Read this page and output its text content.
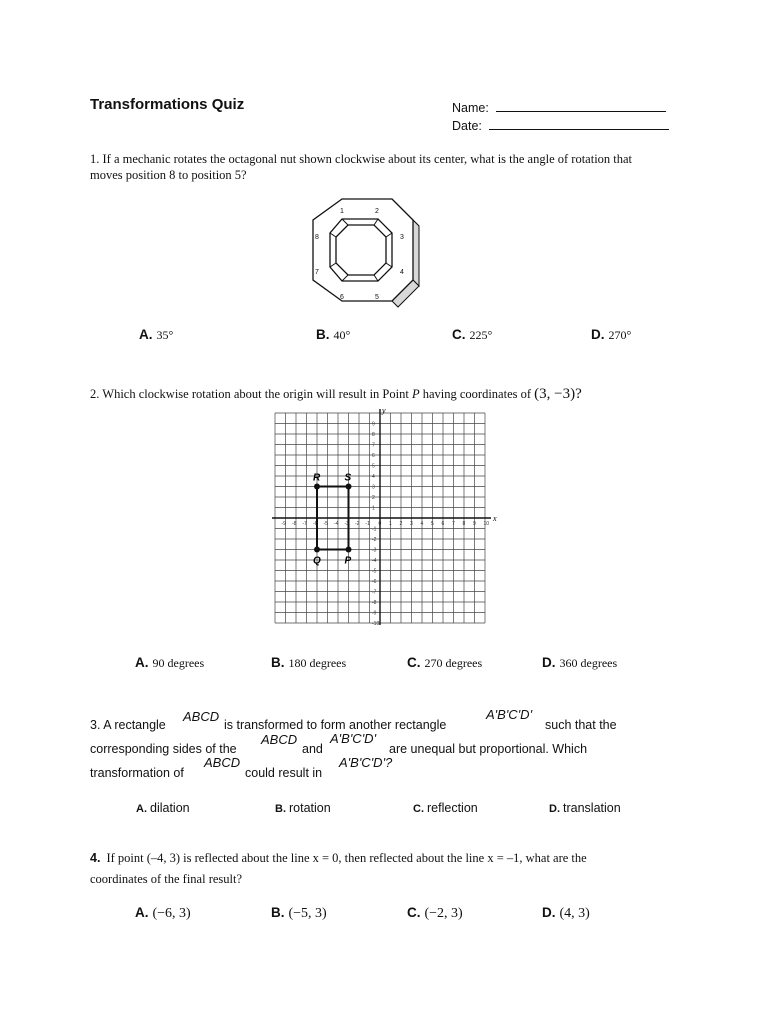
Transformations Quiz	Name:
Date:
1. If a mechanic rotates the octagonal nut shown clockwise about its center, what is the angle of rotation that
moves position 8 to position 5?
1	2
3
4
5
6
7
8
A. 35°	B. 40°	C. 225°	D. 270°
2. Which clockwise rotation about the origin will result in Point P having coordinates of (3, −3)?
x
y
-9 -8 -7 -6 -5 -4 -3 -2 -1 0 1 2 3 4 5 6 7 8 9 10
9
8
7
6
5
4
3
2
1
-1
-2
-3
-4
-5
-6
-7
-8
-9
-10
R S
Q P
A. 90 degrees	B. 180 degrees	C. 270 degrees	D. 360 degrees
3. A rectangle
ABCD
is transformed to form another rectangle
A'B'C'D'
such that the
corresponding sides of the
ABCD
and
A'B'C'D'
are unequal but proportional. Which
transformation of
ABCD
could result in
A'B'C'D'?
A. dilation	B. rotation	C. reflection	D. translation
4. If point (–4, 3) is reflected about the line x = 0, then reflected about the line x = –1, what are the
coordinates of the final result?
A. (−6, 3)	B. (−5, 3)	C. (−2, 3)	D. (4, 3)
